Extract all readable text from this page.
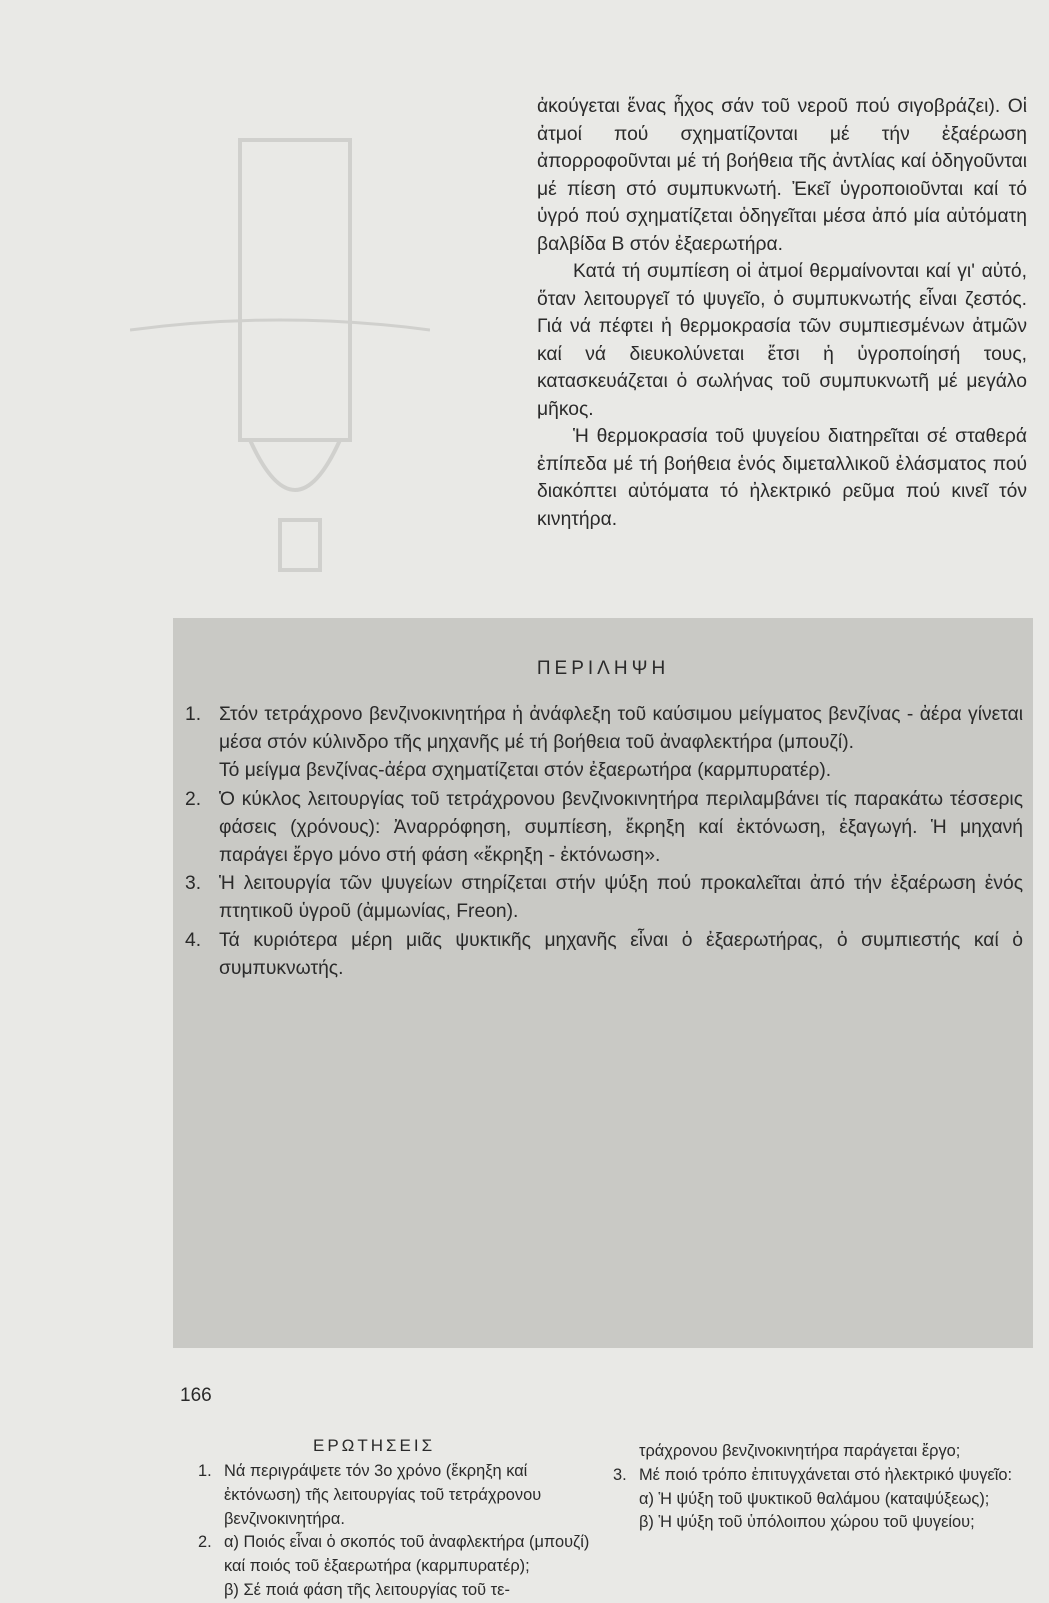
ἀκούγεται ἕνας ἦχος σάν τοῦ νεροῦ πού σιγοβράζει). Οἱ ἀτμοί πού σχηματίζονται μέ τήν ἐξαέρωση ἀπορροφοῦνται μέ τή βοήθεια τῆς ἀντλίας καί ὁδηγοῦνται μέ πίεση στό συμπυκνωτή. Ἐκεῖ ὑγροποιοῦνται καί τό ὑγρό πού σχηματίζεται ὁδηγεῖται μέσα ἀπό μία αὐτόματη βαλβίδα Β στόν ἐξαερωτήρα.

Κατά τή συμπίεση οἱ ἀτμοί θερμαίνονται καί γι' αὐτό, ὅταν λειτουργεῖ τό ψυγεῖο, ὁ συμπυκνωτής εἶναι ζεστός. Γιά νά πέφτει ἡ θερμοκρασία τῶν συμπιεσμένων ἀτμῶν καί νά διευκολύνεται ἔτσι ἡ ὑγροποίησή τους, κατασκευάζεται ὁ σωλήνας τοῦ συμπυκνωτῆ μέ μεγάλο μῆκος.

Ἡ θερμοκρασία τοῦ ψυγείου διατηρεῖται σέ σταθερά ἐπίπεδα μέ τή βοήθεια ἑνός διμεταλλικοῦ ἐλάσματος πού διακόπτει αὐτόματα τό ἠλεκτρικό ρεῦμα πού κινεῖ τόν κινητήρα.

ΠΕΡΙΛΗΨΗ
1. Στόν τετράχρονο βενζινοκινητήρα ἡ ἀνάφλεξη τοῦ καύσιμου μείγματος βενζίνας - ἀέρα γίνεται μέσα στόν κύλινδρο τῆς μηχανῆς μέ τή βοήθεια τοῦ ἀναφλεκτήρα (μπουζί).
Τό μείγμα βενζίνας-ἀέρα σχηματίζεται στόν ἐξαερωτήρα (καρμπυρατέρ).
2. Ὁ κύκλος λειτουργίας τοῦ τετράχρονου βενζινοκινητήρα περιλαμβάνει τίς παρακάτω τέσσερις φάσεις (χρόνους): Ἀναρρόφηση, συμπίεση, ἔκρηξη καί ἐκτόνωση, ἐξαγωγή. Ἡ μηχανή παράγει ἔργο μόνο στή φάση «ἔκρηξη - ἐκτόνωση».
3. Ἡ λειτουργία τῶν ψυγείων στηρίζεται στήν ψύξη πού προκαλεῖται ἀπό τήν ἐξαέρωση ἑνός πτητικοῦ ὑγροῦ (ἀμμωνίας, Freon).
4. Τά κυριότερα μέρη μιᾶς ψυκτικῆς μηχανῆς εἶναι ὁ ἐξαερωτήρας, ὁ συμπιεστής καί ὁ συμπυκνωτής.
ΕΡΩΤΗΣΕΙΣ
1. Νά περιγράψετε τόν 3ο χρόνο (ἔκρηξη καί ἐκτόνωση) τῆς λειτουργίας τοῦ τετράχρονου βενζινοκινητήρα.
2. α) Ποιός εἶναι ὁ σκοπός τοῦ ἀναφλεκτήρα (μπουζί) καί ποιός τοῦ ἐξαερωτήρα (καρμπυρατέρ);
β) Σέ ποιά φάση τῆς λειτουργίας τοῦ τε-
τράχρονου βενζινοκινητήρα παράγεται ἔργο;
3. Μέ ποιό τρόπο ἐπιτυγχάνεται στό ἠλεκτρικό ψυγεῖο:
α) Ἡ ψύξη τοῦ ψυκτικοῦ θαλάμου (καταψύξεως);
β) Ἡ ψύξη τοῦ ὑπόλοιπου χώρου τοῦ ψυγείου;
166
